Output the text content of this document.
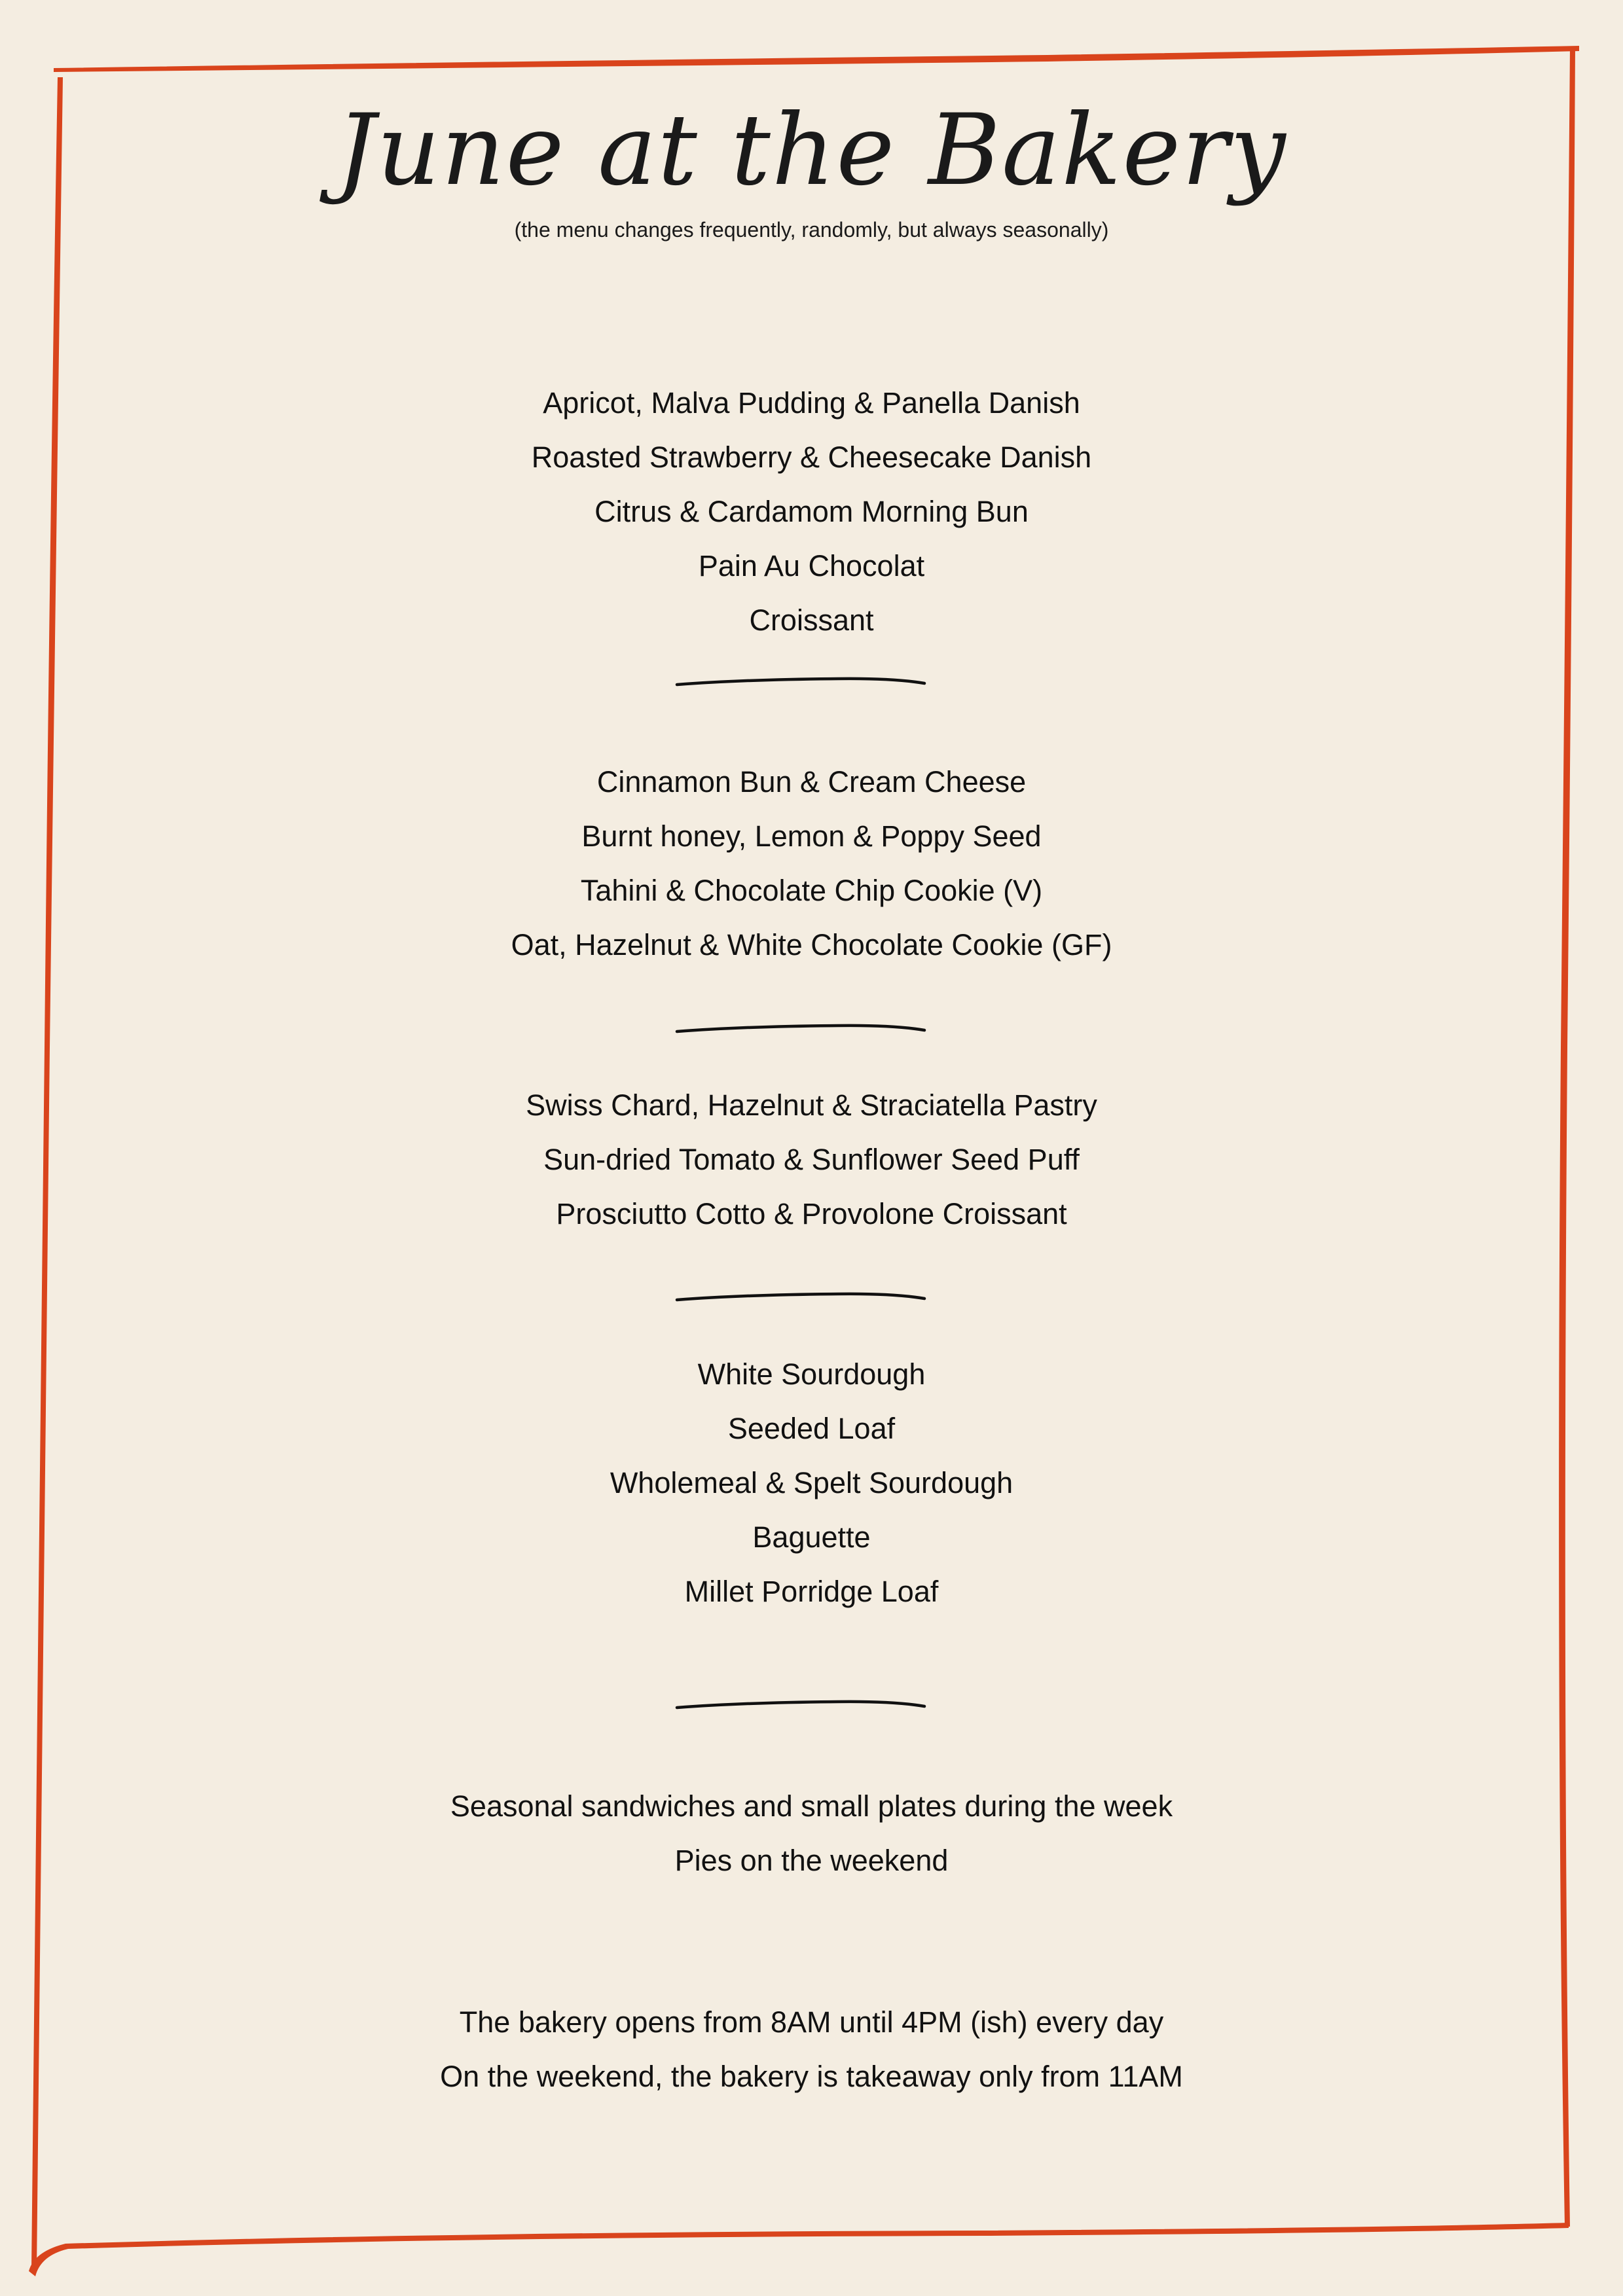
June at the Bakery
(the menu changes frequently, randomly, but always seasonally)
Apricot, Malva Pudding & Panella Danish
Roasted Strawberry & Cheesecake Danish
Citrus & Cardamom Morning Bun
Pain Au Chocolat
Croissant
Cinnamon Bun & Cream Cheese
Burnt honey, Lemon & Poppy Seed
Tahini & Chocolate Chip Cookie (V)
Oat, Hazelnut & White Chocolate Cookie (GF)
Swiss Chard, Hazelnut & Straciatella Pastry
Sun-dried Tomato & Sunflower Seed Puff
Prosciutto Cotto & Provolone Croissant
White Sourdough
Seeded Loaf
Wholemeal & Spelt Sourdough
Baguette
Millet Porridge Loaf
Seasonal sandwiches and small plates during the week
Pies on the weekend
The bakery opens from 8AM until 4PM (ish) every day
On the weekend, the bakery is takeaway only from 11AM
